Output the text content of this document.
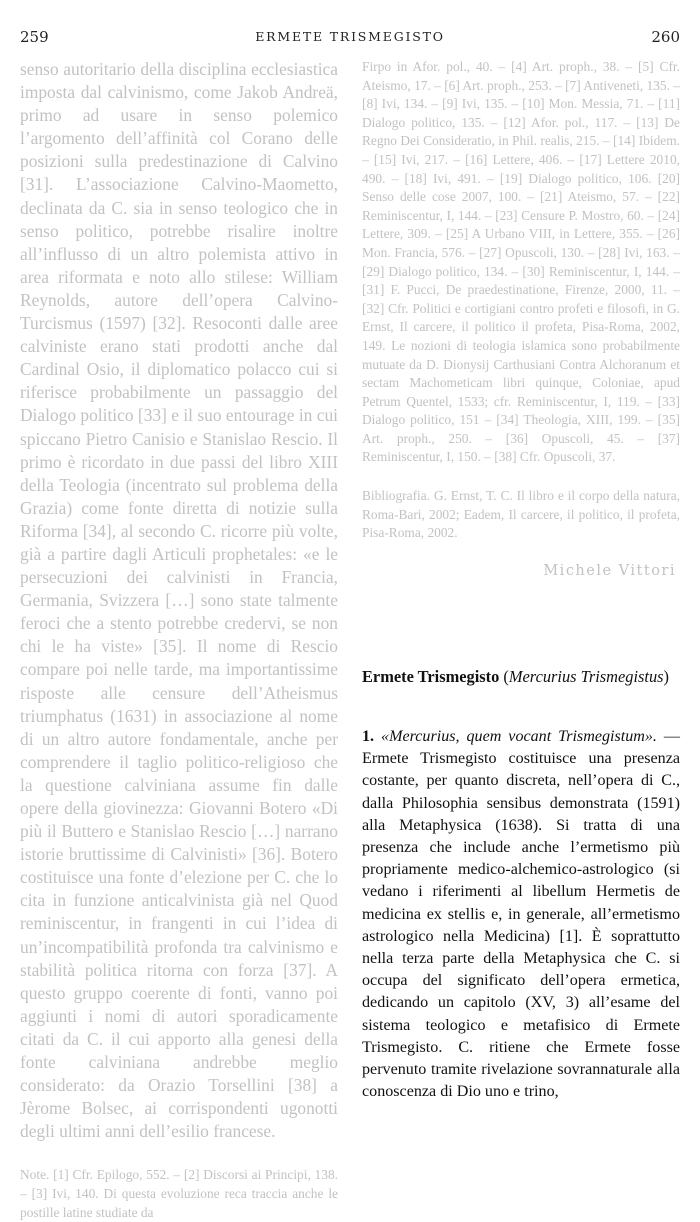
259	ERMETE TRISMEGISTO	260
senso autoritario della disciplina ecclesiastica imposta dal calvinismo, come Jakob Andreä, primo ad usare in senso polemico l’argomento dell’affinità col Corano delle posizioni sulla predestinazione di Calvino [31]. L’associazione Calvino-Maometto, declinata da C. sia in senso teologico che in senso politico, potrebbe risalire inoltre all’influsso di un altro polemista attivo in area riformata e noto allo stilese: William Reynolds, autore dell’opera Calvino-Turcismus (1597) [32]. Resoconti dalle aree calviniste erano stati prodotti anche dal Cardinal Osio, il diplomatico polacco cui si riferisce probabilmente un passaggio del Dialogo politico [33] e il suo entourage in cui spiccano Pietro Canisio e Stanislao Rescio. Il primo è ricordato in due passi del libro XIII della Teologia (incentrato sul problema della Grazia) come fonte diretta di notizie sulla Riforma [34], al secondo C. ricorre più volte, già a partire dagli Articuli prophetales: «e le persecuzioni dei calvinisti in Francia, Germania, Svizzera […] sono state talmente feroci che a stento potrebbe credervi, se non chi le ha viste» [35]. Il nome di Rescio compare poi nelle tarde, ma importantissime risposte alle censure dell’Atheismus triumphatus (1631) in associazione al nome di un altro autore fondamentale, anche per comprendere il taglio politico-religioso che la questione calviniana assume fin dalle opere della giovinezza: Giovanni Botero «Di più il Buttero e Stanislao Rescio […] narrano istorie bruttissime di Calvinisti» [36]. Botero costituisce una fonte d’elezione per C. che lo cita in funzione anticalvinista già nel Quod reminiscentur, in frangenti in cui l’idea di un’incompatibilità profonda tra calvinismo e stabilità politica ritorna con forza [37]. A questo gruppo coerente di fonti, vanno poi aggiunti i nomi di autori sporadicamente citati da C. il cui apporto alla genesi della fonte calviniana andrebbe meglio considerato: da Orazio Torsellini [38] a Jèrome Bolsec, ai corrispondenti ugonotti degli ultimi anni dell’esilio francese.
Note. [1] Cfr. Epilogo, 552. – [2] Discorsi ai Principi, 138. – [3] Ivi, 140. Di questa evoluzione reca traccia anche le postille latine studiate da
Firpo in Afor. pol., 40. – [4] Art. proph., 38. – [5] Cfr. Ateismo, 17. – [6] Art. proph., 253. – [7] Antiveneti, 135. – [8] Ivi, 134. – [9] Ivi, 135. – [10] Mon. Messia, 71. – [11] Dialogo politico, 135. – [12] Afor. pol., 117. – [13] De Regno Dei Consideratio, in Phil. realis, 215. – [14] Ibidem. – [15] Ivi, 217. – [16] Lettere, 406. – [17] Lettere 2010, 490. – [18] Ivi, 491. – [19] Dialogo politico, 106. [20] Senso delle cose 2007, 100. – [21] Ateismo, 57. – [22] Reminiscentur, I, 144. – [23] Censure P. Mostro, 60. – [24] Lettere, 309. – [25] A Urbano VIII, in Lettere, 355. – [26] Mon. Francia, 576. – [27] Opuscoli, 130. – [28] Ivi, 163. – [29] Dialogo politico, 134. – [30] Reminiscentur, I, 144. – [31] F. Pucci, De praedestinatione, Firenze, 2000, 11. – [32] Cfr. Politici e cortigiani contro profeti e filosofi, in G. Ernst, Il carcere, il politico il profeta, Pisa-Roma, 2002, 149. Le nozioni di teologia islamica sono probabilmente mutuate da D. Dionysij Carthusiani Contra Alchoranum et sectam Machometicam libri quinque, Coloniae, apud Petrum Quentel, 1533; cfr. Reminiscentur, I, 119. – [33] Dialogo politico, 151 – [34] Theologia, XIII, 199. – [35] Art. proph., 250. – [36] Opuscoli, 45. – [37] Reminiscentur, I, 150. – [38] Cfr. Opuscoli, 37.
Bibliografia. G. Ernst, T. C. Il libro e il corpo della natura, Roma-Bari, 2002; Eadem, Il carcere, il politico, il profeta, Pisa-Roma, 2002.
Michele Vittori
Ermete Trismegisto (Mercurius Trismegistus)
1. «Mercurius, quem vocant Trismegistum». — Ermete Trismegisto costituisce una presenza costante, per quanto discreta, nell’opera di C., dalla Philosophia sensibus demonstrata (1591) alla Metaphysica (1638). Si tratta di una presenza che include anche l’ermetismo più propriamente medico-alchemico-astrologico (si vedano i riferimenti al libellum Hermetis de medicina ex stellis e, in generale, all’ermetismo astrologico nella Medicina) [1]. È soprattutto nella terza parte della Metaphysica che C. si occupa del significato dell’opera ermetica, dedicando un capitolo (XV, 3) all’esame del sistema teologico e metafisico di Ermete Trismegisto. C. ritiene che Ermete fosse pervenuto tramite rivelazione sovrannaturale alla conoscenza di Dio uno e trino,
